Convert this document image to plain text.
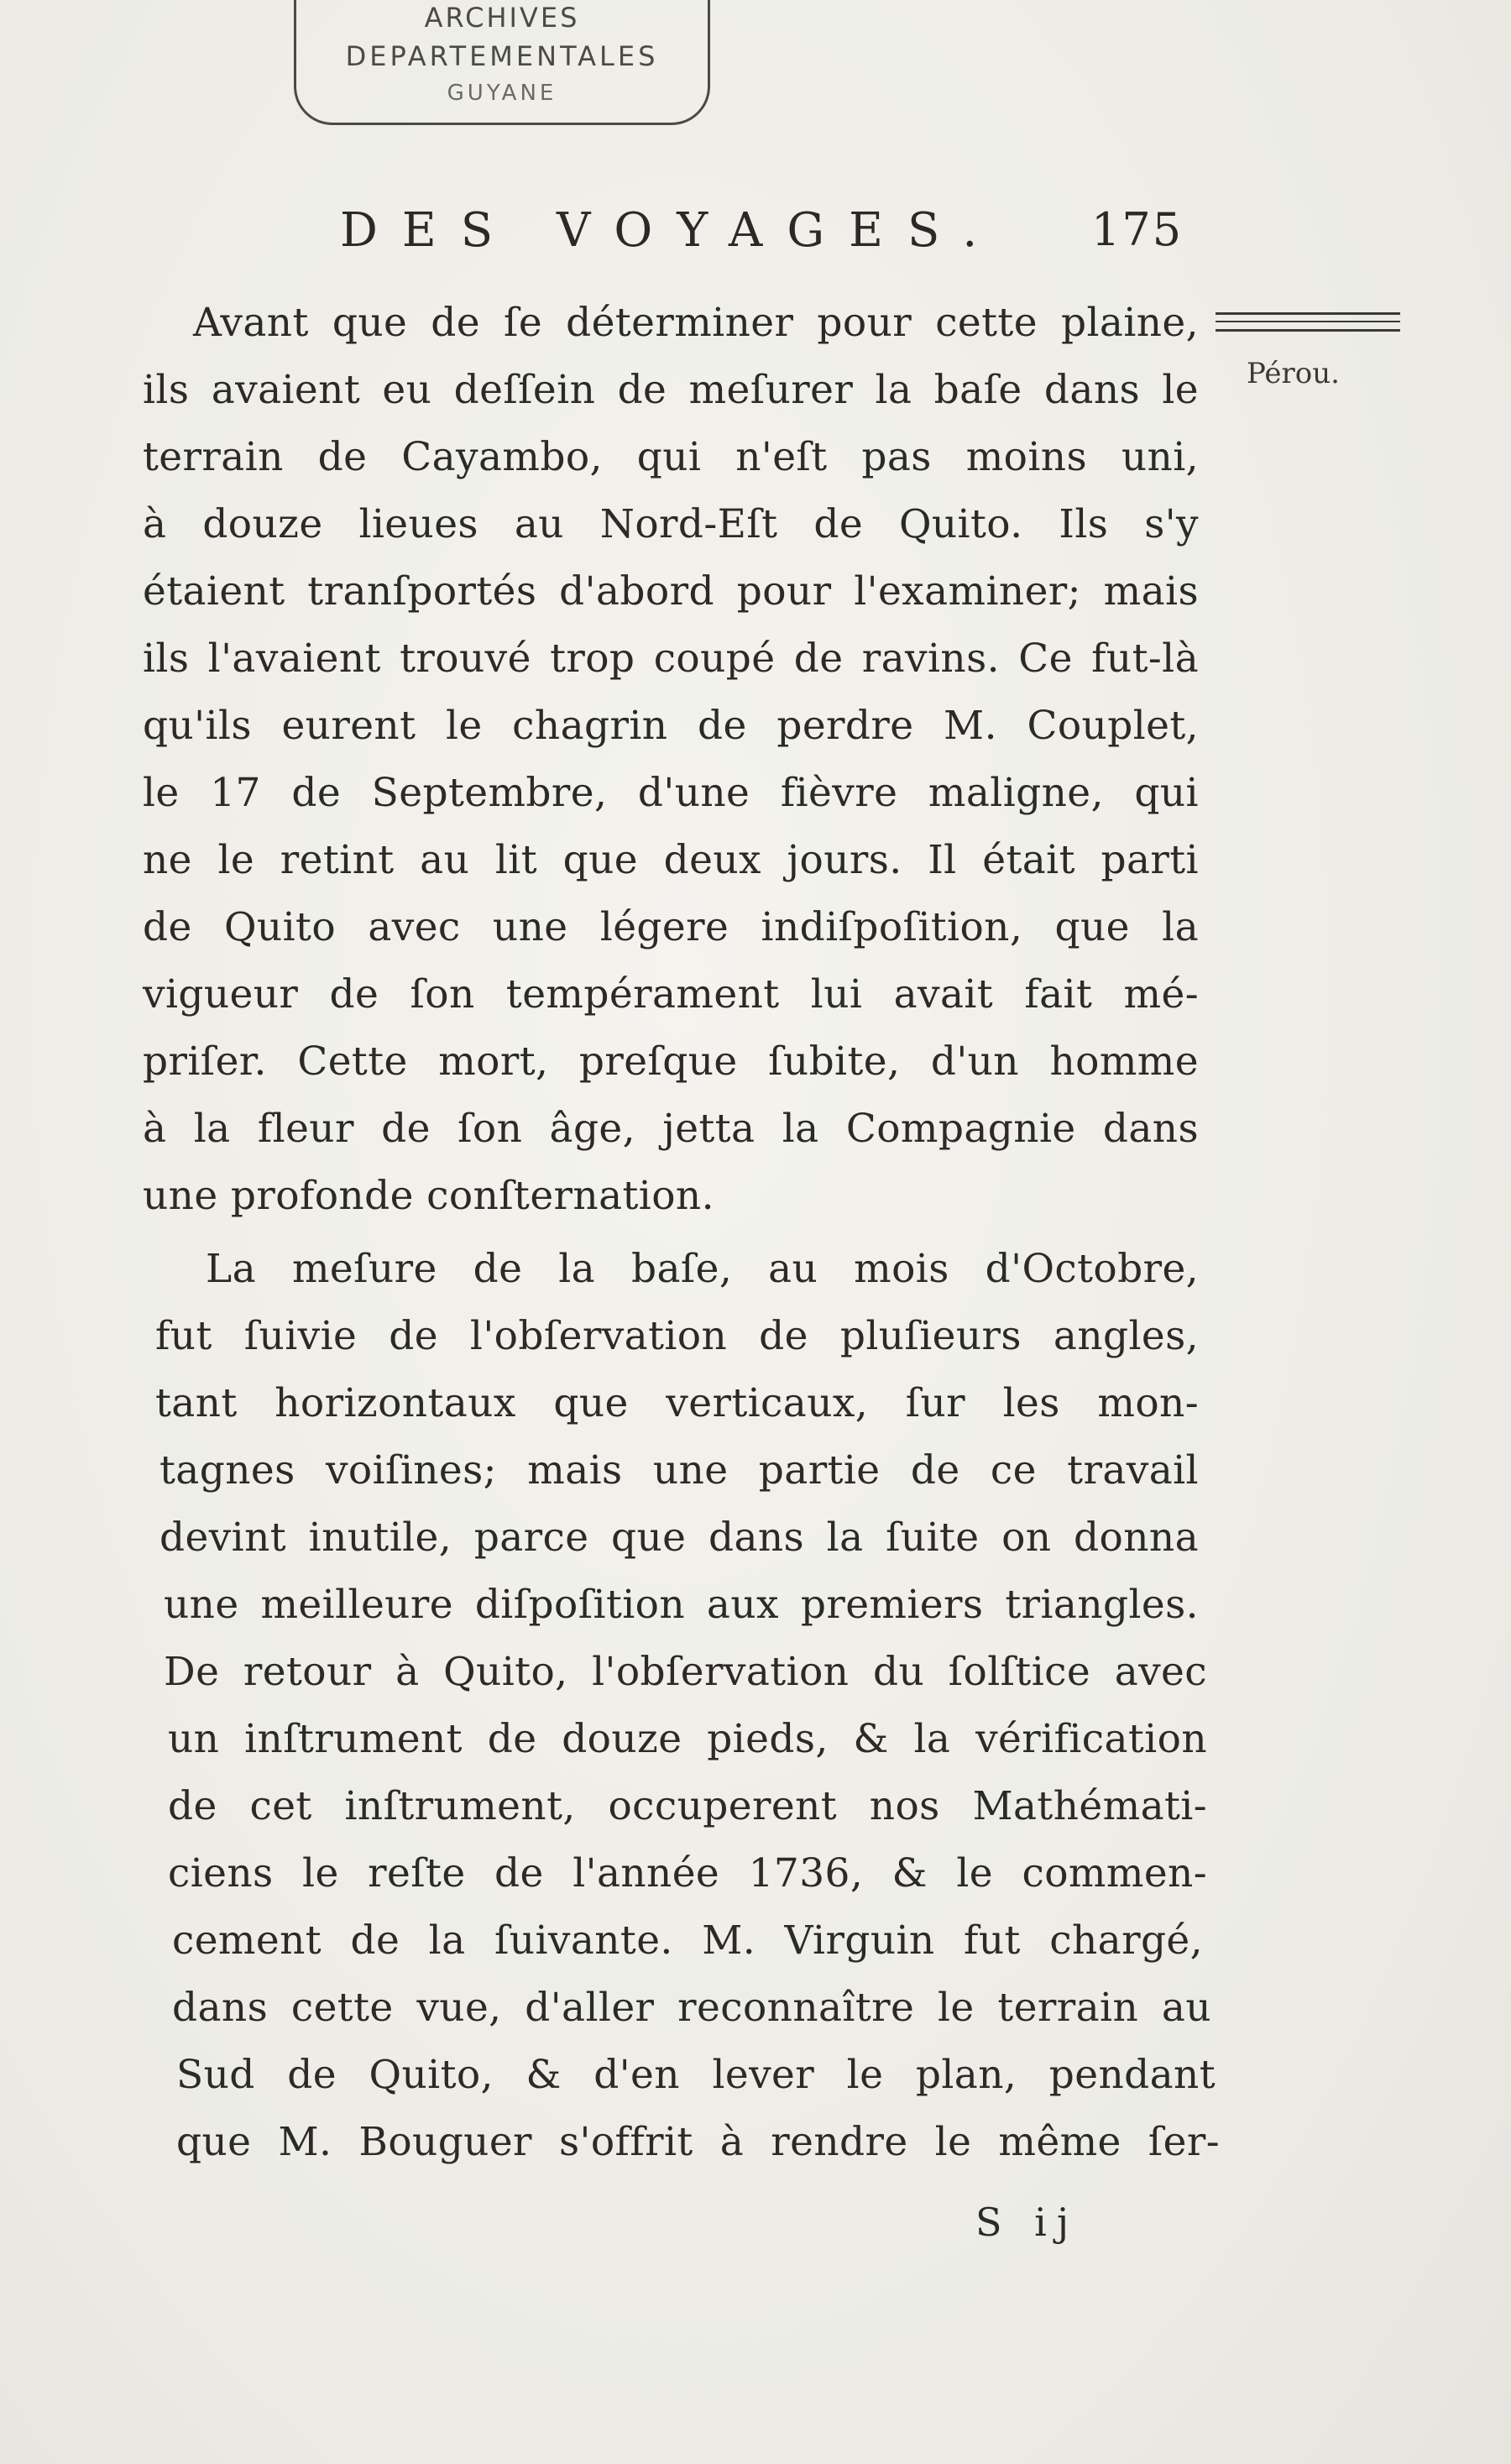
ARCHIVES
DEPARTEMENTALES
GUYANE
DES VOYAGES. 175
Pérou.
Avant que de ſe déterminer pour cette plaine,
ils avaient eu deſſein de meſurer la baſe dans le
terrain de Cayambo, qui n'eſt pas moins uni,
à douze lieues au Nord-Eſt de Quito. Ils s'y
étaient tranſportés d'abord pour l'examiner; mais
ils l'avaient trouvé trop coupé de ravins. Ce fut-là
qu'ils eurent le chagrin de perdre M. Couplet,
le 17 de Septembre, d'une fièvre maligne, qui
ne le retint au lit que deux jours. Il était parti
de Quito avec une légere indiſpoſition, que la
vigueur de ſon tempérament lui avait fait mé-
priſer. Cette mort, preſque ſubite, d'un homme
à la fleur de ſon âge, jetta la Compagnie dans
une profonde conſternation.
La meſure de la baſe, au mois d'Octobre,
fut ſuivie de l'obſervation de pluſieurs angles,
tant horizontaux que verticaux, ſur les mon-
tagnes voiſines; mais une partie de ce travail
devint inutile, parce que dans la ſuite on donna
une meilleure diſpoſition aux premiers triangles.
De retour à Quito, l'obſervation du ſolſtice avec
un inſtrument de douze pieds, & la vérification
de cet inſtrument, occuperent nos Mathémati-
ciens le reſte de l'année 1736, & le commen-
cement de la ſuivante. M. Virguin fut chargé,
dans cette vue, d'aller reconnaître le terrain au
Sud de Quito, & d'en lever le plan, pendant
que M. Bouguer s'offrit à rendre le même ſer-
S ij
